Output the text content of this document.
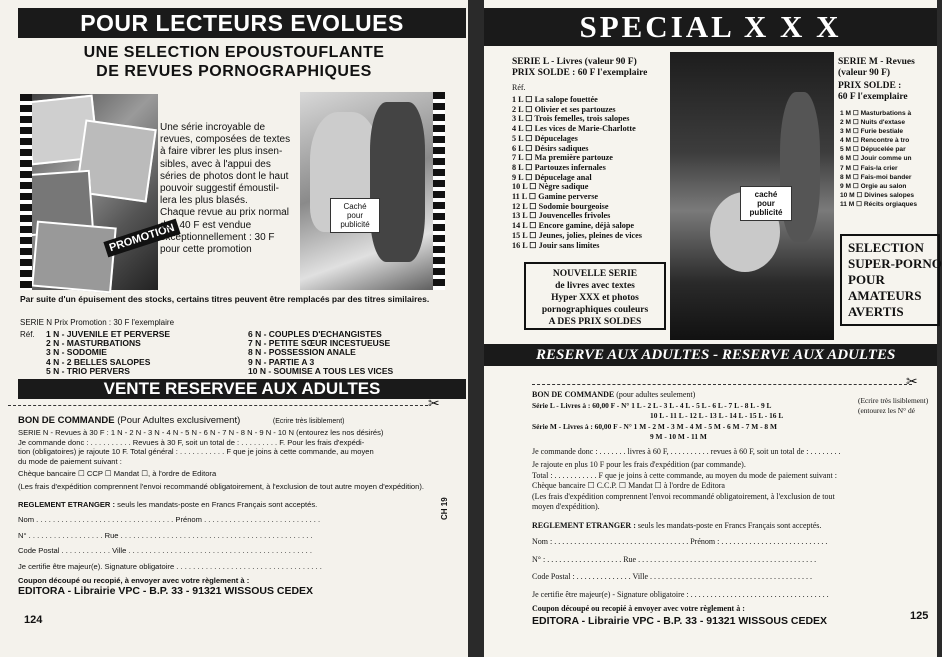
POUR LECTEURS EVOLUES
UNE SELECTION EPOUSTOUFLANTE
DE REVUES PORNOGRAPHIQUES
PROMOTION
Une série incroyable de
revues, composées de textes
à faire vibrer les plus insen-
sibles, avec à l'appui des
séries de photos dont le haut
pouvoir suggestif émoustil-
lera les plus blasés.
Chaque revue au prix normal
de : 40 F est vendue
exceptionnellement : 30 F
pour cette promotion
Caché
pour
publicité
Par suite d'un épuisement des stocks, certains titres peuvent être remplacés par des titres similaires.
SERIE N Prix Promotion : 30 F l'exemplaire
Réf. 1 N - JUVENILE ET PERVERSE
2 N - MASTURBATIONS
3 N - SODOMIE
4 N - 2 BELLES SALOPES
5 N - TRIO PERVERS
6 N - COUPLES D'ECHANGISTES
7 N - PETITE SŒUR INCESTUEUSE
8 N - POSSESSION ANALE
9 N - PARTIE A 3
10 N - SOUMISE A TOUS LES VICES
VENTE RESERVEE AUX ADULTES
✂
BON DE COMMANDE (Pour Adultes exclusivement)	(Ecrire très lisiblement)
SERIE N - Revues à 30 F : 1 N - 2 N - 3 N - 4 N - 5 N - 6 N - 7 N - 8 N - 9 N - 10 N (entourez les nos désirés)
Je commande donc : . . . . . . . . . . Revues à 30 F, soit un total de : . . . . . . . . . F. Pour les frais d'expédi-
tion (obligatoires) je rajoute 10 F. Total général : . . . . . . . . . . . F que je joins à cette commande, au moyen
du mode de paiement suivant :
Chèque bancaire ☐ CCP ☐ Mandat ☐, à l'ordre de Editora
(Les frais d'expédition comprennent l'envoi recommandé obligatoirement, à l'exclusion de tout autre moyen d'expédition).
REGLEMENT ETRANGER : seuls les mandats-poste en Francs Français sont acceptés.
Nom . . . . . . . . . . . . . . . . . . . . . . . . . . . . . . . . . Prénom . . . . . . . . . . . . . . . . . . . . . . . . . . . .
N° . . . . . . . . . . . . . . . . . . Rue . . . . . . . . . . . . . . . . . . . . . . . . . . . . . . . . . . . . . . . . . . . . . .
Code Postal . . . . . . . . . . . . Ville . . . . . . . . . . . . . . . . . . . . . . . . . . . . . . . . . . . . . . . . . . . .
Je certifie être majeur(e). Signature obligatoire . . . . . . . . . . . . . . . . . . . . . . . . . . . . . . . . . . .
Coupon découpé ou recopié, à envoyer avec votre règlement à :
EDITORA - Librairie VPC - B.P. 33 - 91321 WISSOUS CEDEX
CH 19
124
SPECIAL X X X
SERIE L - Livres (valeur 90 F)
PRIX SOLDE : 60 F l'exemplaire
Réf.
1 L ☐ La salope fouettée
2 L ☐ Olivier et ses partouzes
3 L ☐ Trois femelles, trois salopes
4 L ☐ Les vices de Marie-Charlotte
5 L ☐ Dépucelages
6 L ☐ Désirs sadiques
7 L ☐ Ma première partouze
8 L ☐ Partouzes infernales
9 L ☐ Dépucelage anal
10 L ☐ Nègre sadique
11 L ☐ Gamine perverse
12 L ☐ Sodomie bourgeoise
13 L ☐ Jouvencelles frivoles
14 L ☐ Encore gamine, déjà salope
15 L ☐ Jeunes, jolies, pleines de vices
16 L ☐ Jouir sans limites
NOUVELLE SERIE
de livres avec textes
Hyper XXX et photos
pornographiques couleurs
A DES PRIX SOLDES
caché
pour
publicité
SERIE M - Revues
(valeur 90 F)
PRIX SOLDE :
60 F l'exemplaire
1 M ☐ Masturbations à
2 M ☐ Nuits d'extase
3 M ☐ Furie bestiale
4 M ☐ Rencontre à tro
5 M ☐ Dépucelée par
6 M ☐ Jouir comme un
7 M ☐ Fais-la crier
8 M ☐ Fais-moi bander
9 M ☐ Orgie au salon
10 M ☐ Divines salopes
11 M ☐ Récits orgiaques
SELECTION
SUPER-PORNO
POUR
AMATEURS
AVERTIS
RESERVE AUX ADULTES - RESERVE AUX ADULTES
✂
BON DE COMMANDE (pour adultes seulement)
Série L - Livres à : 60,00 F - N° 1 L - 2 L - 3 L - 4 L - 5 L - 6 L - 7 L - 8 L - 9 L
10 L - 11 L - 12 L - 13 L - 14 L - 15 L - 16 L
Série M - Livres à : 60,00 F - N° 1 M - 2 M - 3 M - 4 M - 5 M - 6 M - 7 M - 8 M
9 M - 10 M - 11 M
Je commande donc : . . . . . . . livres à 60 F, . . . . . . . . . . revues à 60 F, soit un total de : . . . . . . . .
Je rajoute en plus 10 F pour les frais d'expédition (par commande).
Total : . . . . . . . . . . . F que je joins à cette commande, au moyen du mode de paiement suivant :
Chèque bancaire ☐ C.C.P. ☐ Mandat ☐ à l'ordre de Editora
(Les frais d'expédition comprennent l'envoi recommandé obligatoirement, à l'exclusion de tout
moyen d'expédition).
REGLEMENT ETRANGER : seuls les mandats-poste en Francs Français sont acceptés.
Nom : . . . . . . . . . . . . . . . . . . . . . . . . . . . . . . . . . . Prénom : . . . . . . . . . . . . . . . . . . . . . . . . . . .
N° : . . . . . . . . . . . . . . . . . . . Rue . . . . . . . . . . . . . . . . . . . . . . . . . . . . . . . . . . . . . . . . . . . . .
Code Postal : . . . . . . . . . . . . . . Ville . . . . . . . . . . . . . . . . . . . . . . . . . . . . . . . . . . . . . . . . .
Je certifie être majeur(e) - Signature obligatoire : . . . . . . . . . . . . . . . . . . . . . . . . . . . . . . . . . . .
Coupon découpé ou recopié à envoyer avec votre règlement à :
EDITORA - Librairie VPC - B.P. 33 - 91321 WISSOUS CEDEX
(Ecrire très lisiblement)
(entourez les N° dé
125
